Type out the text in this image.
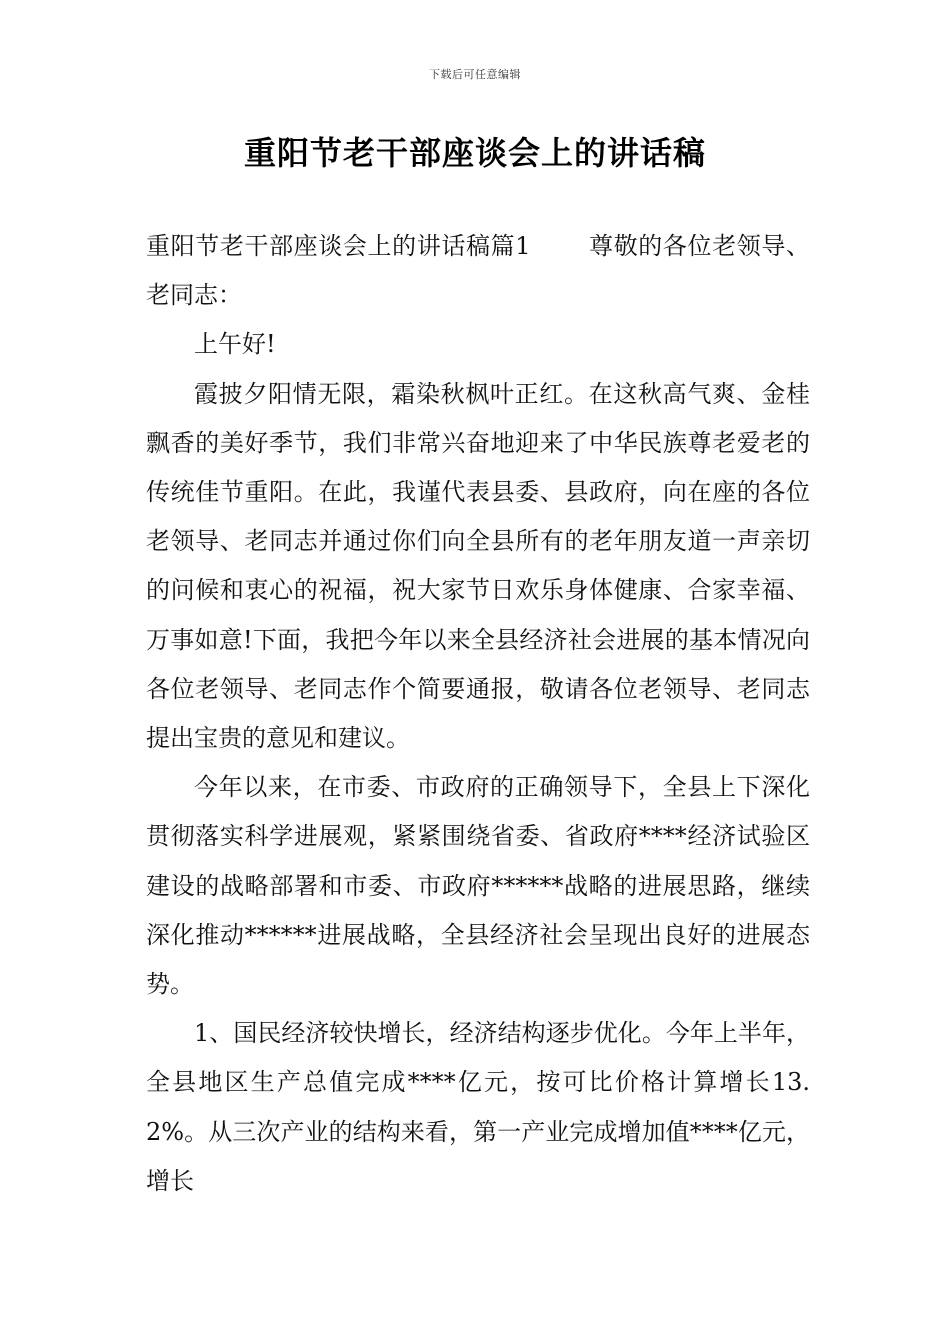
下载后可任意编辑
重阳节老干部座谈会上的讲话稿

重阳节老干部座谈会上的讲话稿篇1 尊敬的各位老领导、老同志：

上午好!

霞披夕阳情无限，霜染秋枫叶正红。在这秋高气爽、金桂飘香的美好季节，我们非常兴奋地迎来了中华民族尊老爱老的传统佳节重阳。在此，我谨代表县委、县政府，向在座的各位老领导、老同志并通过你们向全县所有的老年朋友道一声亲切的问候和衷心的祝福，祝大家节日欢乐身体健康、合家幸福、万事如意!下面，我把今年以来全县经济社会进展的基本情况向各位老领导、老同志作个简要通报，敬请各位老领导、老同志提出宝贵的意见和建议。

今年以来，在市委、市政府的正确领导下，全县上下深化贯彻落实科学进展观，紧紧围绕省委、省政府****经济试验区建设的战略部署和市委、市政府******战略的进展思路，继续深化推动******进展战略，全县经济社会呈现出良好的进展态势。

1、国民经济较快增长，经济结构逐步优化。今年上半年，全县地区生产总值完成****亿元，按可比价格计算增长13.2%。从三次产业的结构来看，第一产业完成增加值****亿元，增长
